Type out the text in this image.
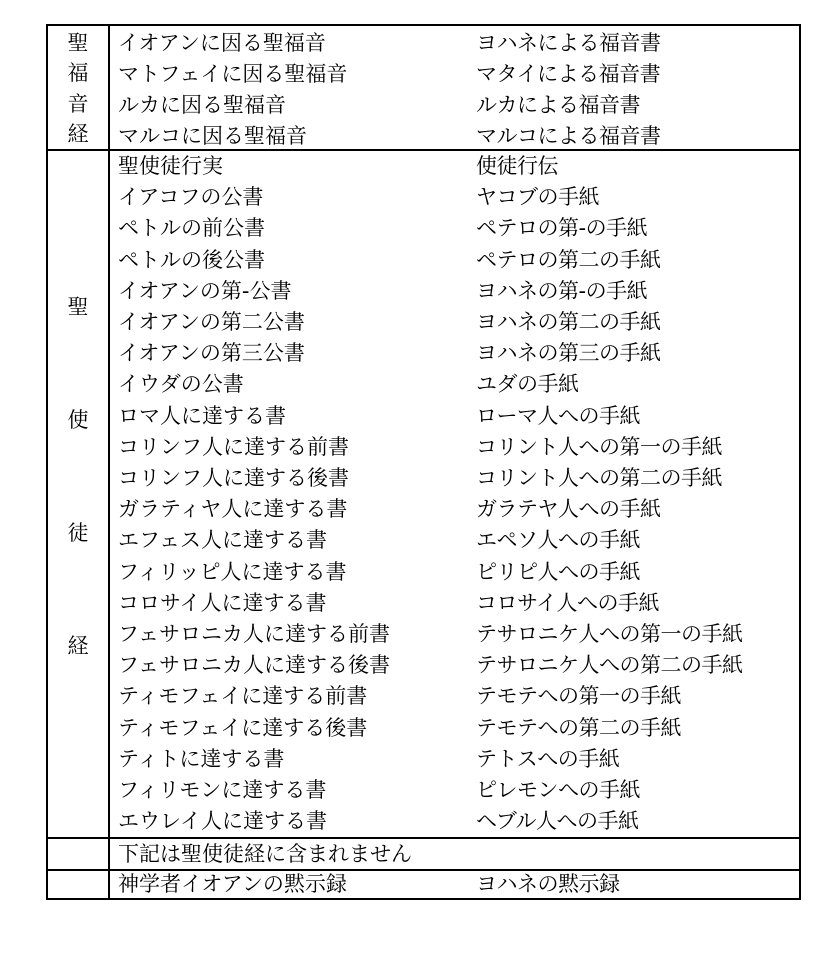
聖
福
音
経
イオアンに因る聖福音	ヨハネによる福音書
マトフェイに因る聖福音	マタイによる福音書
ルカに因る聖福音	ルカによる福音書
マルコに因る聖福音	マルコによる福音書
聖
使
徒
経
聖使徒行実	使徒行伝
イアコフの公書	ヤコブの手紙
ペトルの前公書	ペテロの第-の手紙
ペトルの後公書	ペテロの第二の手紙
イオアンの第-公書	ヨハネの第-の手紙
イオアンの第二公書	ヨハネの第二の手紙
イオアンの第三公書	ヨハネの第三の手紙
イウダの公書	ユダの手紙
ロマ人に達する書	ローマ人への手紙
コリンフ人に達する前書	コリント人への第一の手紙
コリンフ人に達する後書	コリント人への第二の手紙
ガラティヤ人に達する書	ガラテヤ人への手紙
エフェス人に達する書	エペソ人への手紙
フィリッピ人に達する書	ピリピ人への手紙
コロサイ人に達する書	コロサイ人への手紙
フェサロニカ人に達する前書	テサロニケ人への第一の手紙
フェサロニカ人に達する後書	テサロニケ人への第二の手紙
ティモフェイに達する前書	テモテへの第一の手紙
ティモフェイに達する後書	テモテへの第二の手紙
ティトに達する書	テトスへの手紙
フィリモンに達する書	ピレモンへの手紙
エウレイ人に達する書	ヘブル人への手紙
下記は聖使徒経に含まれません
神学者イオアンの黙示録	ヨハネの黙示録
